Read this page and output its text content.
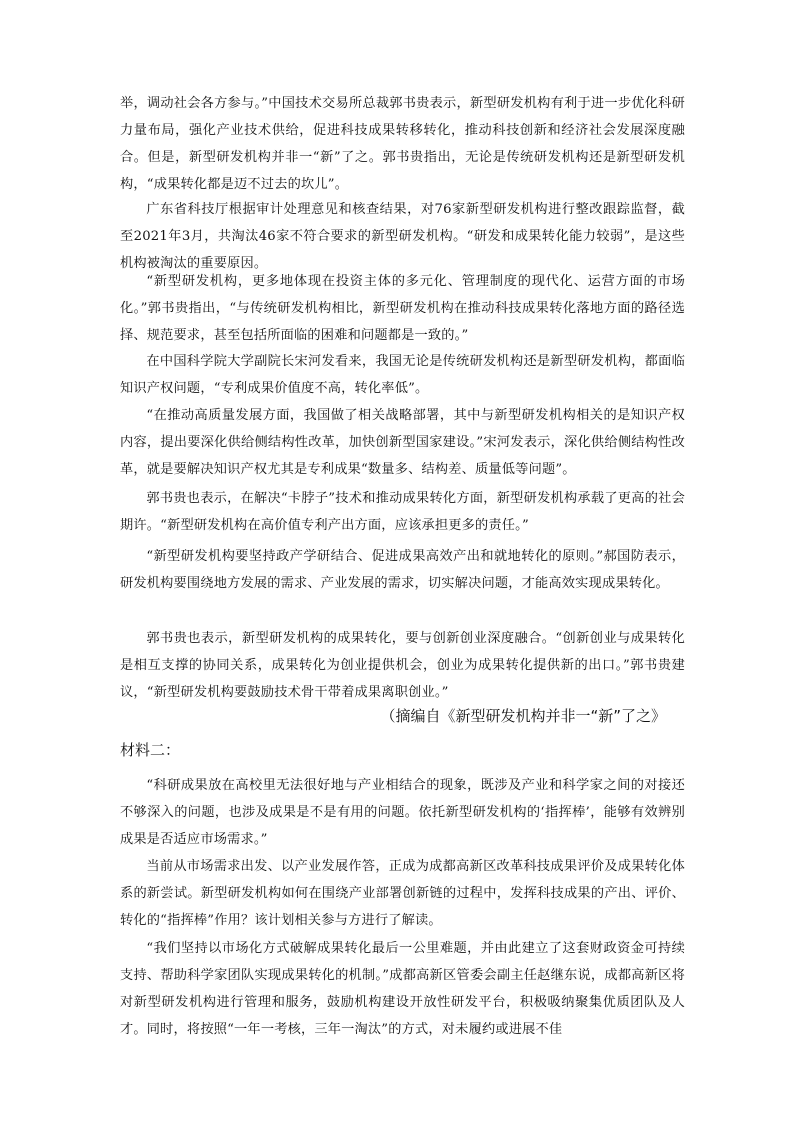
举，调动社会各方参与。”中国技术交易所总裁郭书贵表示，新型研发机构有利于进一步优化科研力量布局，强化产业技术供给，促进科技成果转移转化，推动科技创新和经济社会发展深度融合。但是，新型研发机构并非一“新”了之。郭书贵指出，无论是传统研发机构还是新型研发机构，“成果转化都是迈不过去的坎儿”。

广东省科技厅根据审计处理意见和核查结果，对76家新型研发机构进行整改跟踪监督，截至2021年3月，共淘汰46家不符合要求的新型研发机构。“研发和成果转化能力较弱”，是这些机构被淘汰的重要原因。

“新型研发机构，更多地体现在投资主体的多元化、管理制度的现代化、运营方面的市场化。”郭书贵指出，“与传统研发机构相比，新型研发机构在推动科技成果转化落地方面的路径选择、规范要求，甚至包括所面临的困难和问题都是一致的。”

在中国科学院大学副院长宋河发看来，我国无论是传统研发机构还是新型研发机构，都面临知识产权问题，“专利成果价值度不高，转化率低”。

“在推动高质量发展方面，我国做了相关战略部署，其中与新型研发机构相关的是知识产权内容，提出要深化供给侧结构性改革，加快创新型国家建设。”宋河发表示，深化供给侧结构性改革，就是要解决知识产权尤其是专利成果“数量多、结构差、质量低等问题”。

郭书贵也表示，在解决“卡脖子”技术和推动成果转化方面，新型研发机构承载了更高的社会期许。“新型研发机构在高价值专利产出方面，应该承担更多的责任。”

“新型研发机构要坚持政产学研结合、促进成果高效产出和就地转化的原则。”郝国防表示，研发机构要围绕地方发展的需求、产业发展的需求，切实解决问题，才能高效实现成果转化。

郭书贵也表示，新型研发机构的成果转化，要与创新创业深度融合。“创新创业与成果转化是相互支撑的协同关系，成果转化为创业提供机会，创业为成果转化提供新的出口。”郭书贵建议，“新型研发机构要鼓励技术骨干带着成果离职创业。”

（摘编自《新型研发机构并非一“新”了之》

材料二：

“科研成果放在高校里无法很好地与产业相结合的现象，既涉及产业和科学家之间的对接还不够深入的问题，也涉及成果是不是有用的问题。依托新型研发机构的‘指挥棒’，能够有效辨别成果是否适应市场需求。”

当前从市场需求出发、以产业发展作答，正成为成都高新区改革科技成果评价及成果转化体系的新尝试。新型研发机构如何在围绕产业部署创新链的过程中，发挥科技成果的产出、评价、转化的“指挥棒”作用？该计划相关参与方进行了解读。

“我们坚持以市场化方式破解成果转化最后一公里难题，并由此建立了这套财政资金可持续支持、帮助科学家团队实现成果转化的机制。”成都高新区管委会副主任赵继东说，成都高新区将对新型研发机构进行管理和服务，鼓励机构建设开放性研发平台，积极吸纳聚集优质团队及人才。同时，将按照“一年一考核，三年一淘汰”的方式，对未履约或进展不佳
